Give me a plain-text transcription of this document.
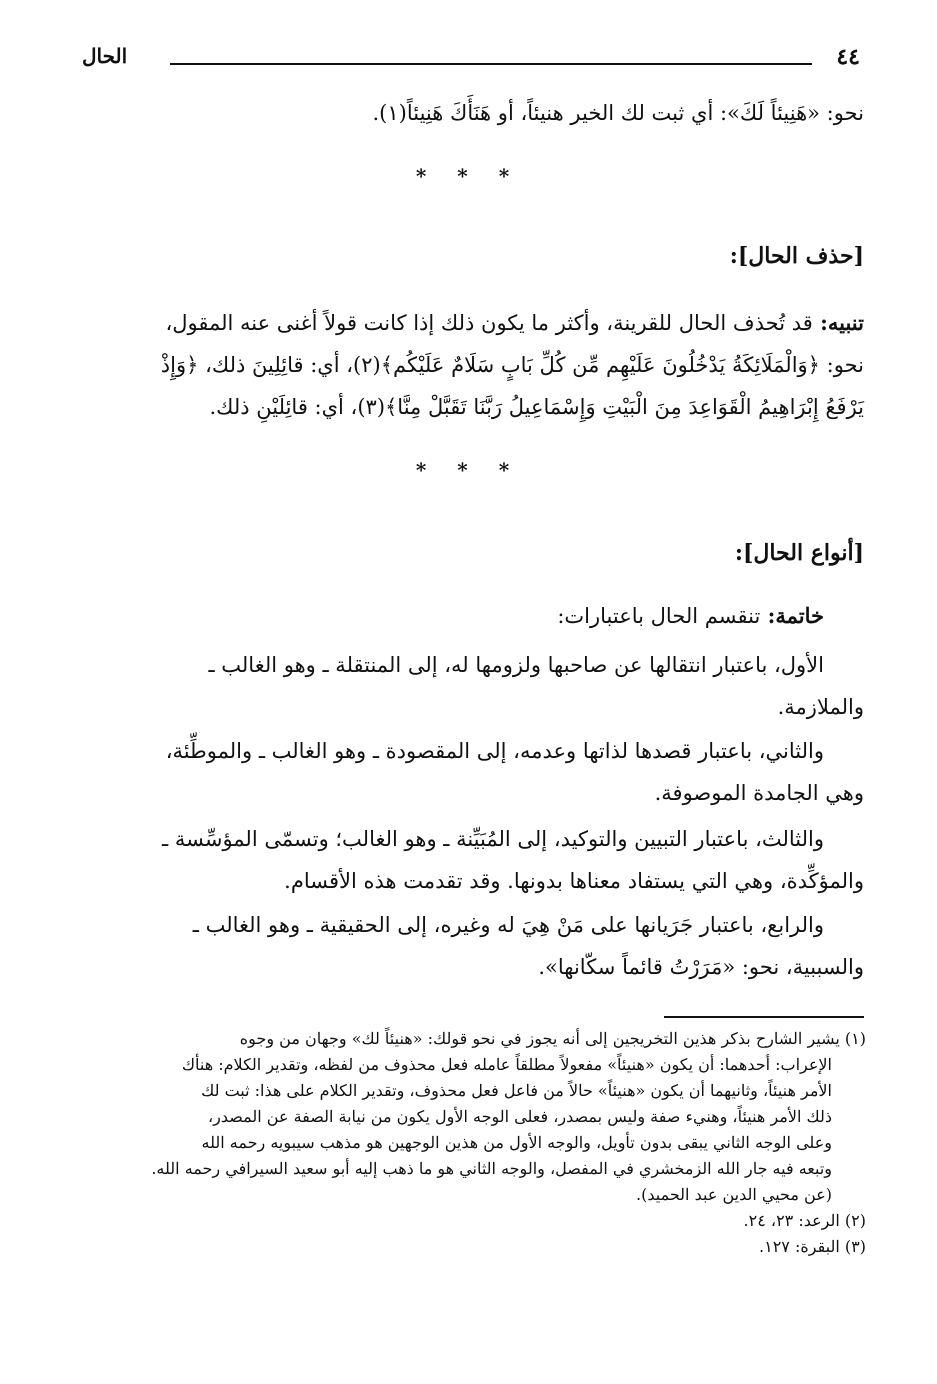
٤٤
الحال
نحو: «هَنِيئاً لَكَ»: أي ثبت لك الخير هنيئاً، أو هَنَأَكَ هَنِيئاً(١).
* * *
[حذف الحال]:
تنبيه: قد تُحذف الحال للقرينة، وأكثر ما يكون ذلك إذا كانت قولاً أغنى عنه المقول،
نحو: ﴿وَالْمَلَائِكَةُ يَدْخُلُونَ عَلَيْهِم مِّن كُلِّ بَابٍ سَلَامٌ عَلَيْكُم﴾(٢)، أي: قائِلِينَ ذلك، ﴿وَإِذْ
يَرْفَعُ إِبْرَاهِيمُ الْقَوَاعِدَ مِنَ الْبَيْتِ وَإِسْمَاعِيلُ رَبَّنَا تَقَبَّلْ مِنَّا﴾(٣)، أي: قائِلَيْنِ ذلك.
* * *
[أنواع الحال]:
خاتمة: تنقسم الحال باعتبارات:
الأول، باعتبار انتقالها عن صاحبها ولزومها له، إلى المنتقلة ـ وهو الغالب ـ
والملازمة.
والثاني، باعتبار قصدها لذاتها وعدمه، إلى المقصودة ـ وهو الغالب ـ والموطِّئة،
وهي الجامدة الموصوفة.
والثالث، باعتبار التبيين والتوكيد، إلى المُبَيِّنة ـ وهو الغالب؛ وتسمّى المؤسِّسة ـ
والمؤكِّدة، وهي التي يستفاد معناها بدونها. وقد تقدمت هذه الأقسام.
والرابع، باعتبار جَرَيانها على مَنْ هِيَ له وغيره، إلى الحقيقية ـ وهو الغالب ـ
والسببية، نحو: «مَرَرْتُ قائماً سكّانها».
(١) يشير الشارح بذكر هذين التخريجين إلى أنه يجوز في نحو قولك: «هنيئاً لك» وجهان من وجوه
الإعراب: أحدهما: أن يكون «هنيئاً» مفعولاً مطلقاً عامله فعل محذوف من لفظه، وتقدير الكلام: هنأك
الأمر هنيئاً، وثانيهما أن يكون «هنيئاً» حالاً من فاعل فعل محذوف، وتقدير الكلام على هذا: ثبت لك
ذلك الأمر هنيئاً، وهنيء صفة وليس بمصدر، فعلى الوجه الأول يكون من نيابة الصفة عن المصدر،
وعلى الوجه الثاني يبقى بدون تأويل، والوجه الأول من هذين الوجهين هو مذهب سيبويه رحمه الله
وتبعه فيه جار الله الزمخشري في المفصل، والوجه الثاني هو ما ذهب إليه أبو سعيد السيرافي رحمه الله.
(عن محيي الدين عبد الحميد).
(٢) الرعد: ٢٣، ٢٤.
(٣) البقرة: ١٢٧.
